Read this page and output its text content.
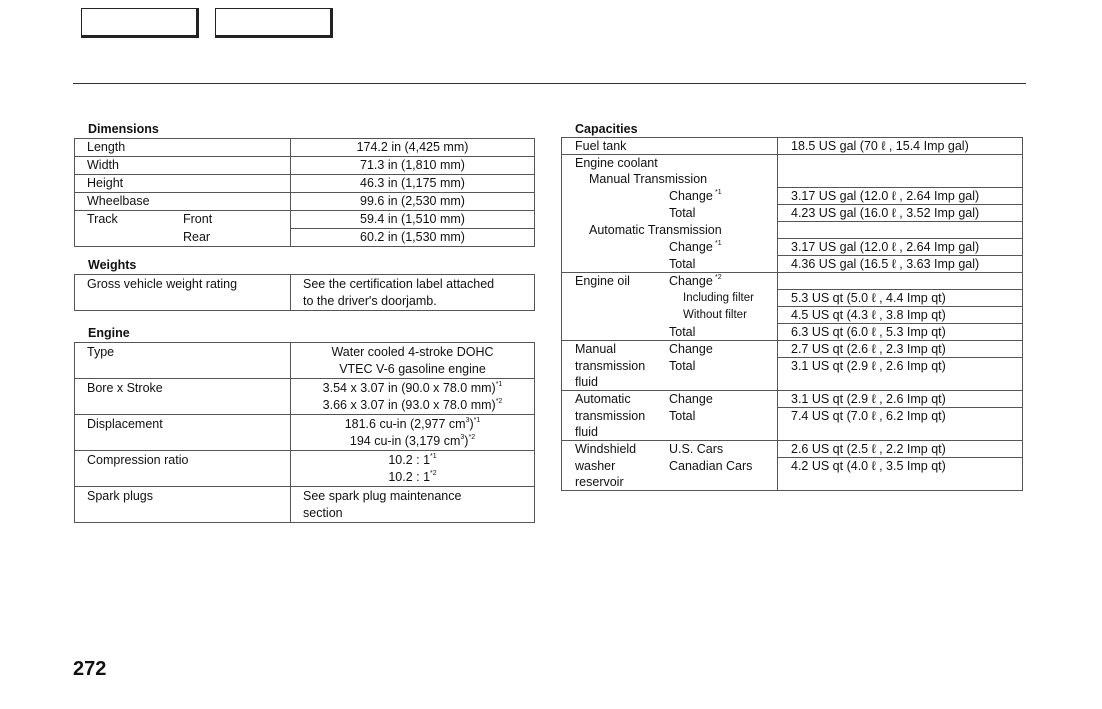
Dimensions
Length	174.2 in (4,425 mm)
Width	71.3 in (1,810 mm)
Height	46.3 in (1,175 mm)
Wheelbase	99.6 in (2,530 mm)
Track Front	59.4 in (1,510 mm)

Rear	60.2 in (1,530 mm)
Weights
Gross vehicle weight rating	See the certification label attached
to the driver's doorjamb.
Engine
Type	Water cooled 4-stroke DOHC
VTEC V-6 gasoline engine

Bore x Stroke	3.54 x 3.07 in (90.0 x 78.0 mm)$^{*1}$
3.66 x 3.07 in (93.0 x 78.0 mm)$^{*2}$

Displacement	181.6 cu-in (2,977 $cm^3)^{*1}$
194 cu-in (3,179 $cm^3)^{*2}$

Compression ratio	10.2 : 1$^{*1}$
10.2 : 1$^{*2}$

Spark plugs	See spark plug maintenance
section
Capacities
Fuel tank	18.5 US gal (70 ℓ , 15.4 Imp gal)
Engine coolant	
Manual Transmission	

Change *1	3.17 US gal (12.0 ℓ , 2.64 Imp gal)

Total	4.23 US gal (16.0 ℓ , 3.52 Imp gal)
Automatic Transmission	

Change *1	3.17 US gal (12.0 ℓ , 2.64 Imp gal)

Total	4.36 US gal (16.5 ℓ , 3.63 Imp gal)
Engine oil Change *2	

Including filter	5.3 US qt (5.0 ℓ , 4.4 Imp qt)

Without filter	4.5 US qt (4.3 ℓ , 3.8 Imp qt)

Total	6.3 US qt (6.0 ℓ , 5.3 Imp qt)
Manual Change	2.7 US qt (2.6 ℓ , 2.3 Imp qt)
transmission Total	3.1 US qt (2.9 ℓ , 2.6 Imp qt)
fluid	
Automatic Change	3.1 US qt (2.9 ℓ , 2.6 Imp qt)
transmission Total	7.4 US qt (7.0 ℓ , 6.2 Imp qt)
fluid	
Windshield U.S. Cars	2.6 US qt (2.5 ℓ , 2.2 Imp qt)
washer Canadian Cars	4.2 US qt (4.0 ℓ , 3.5 Imp qt)
reservoir	
272
